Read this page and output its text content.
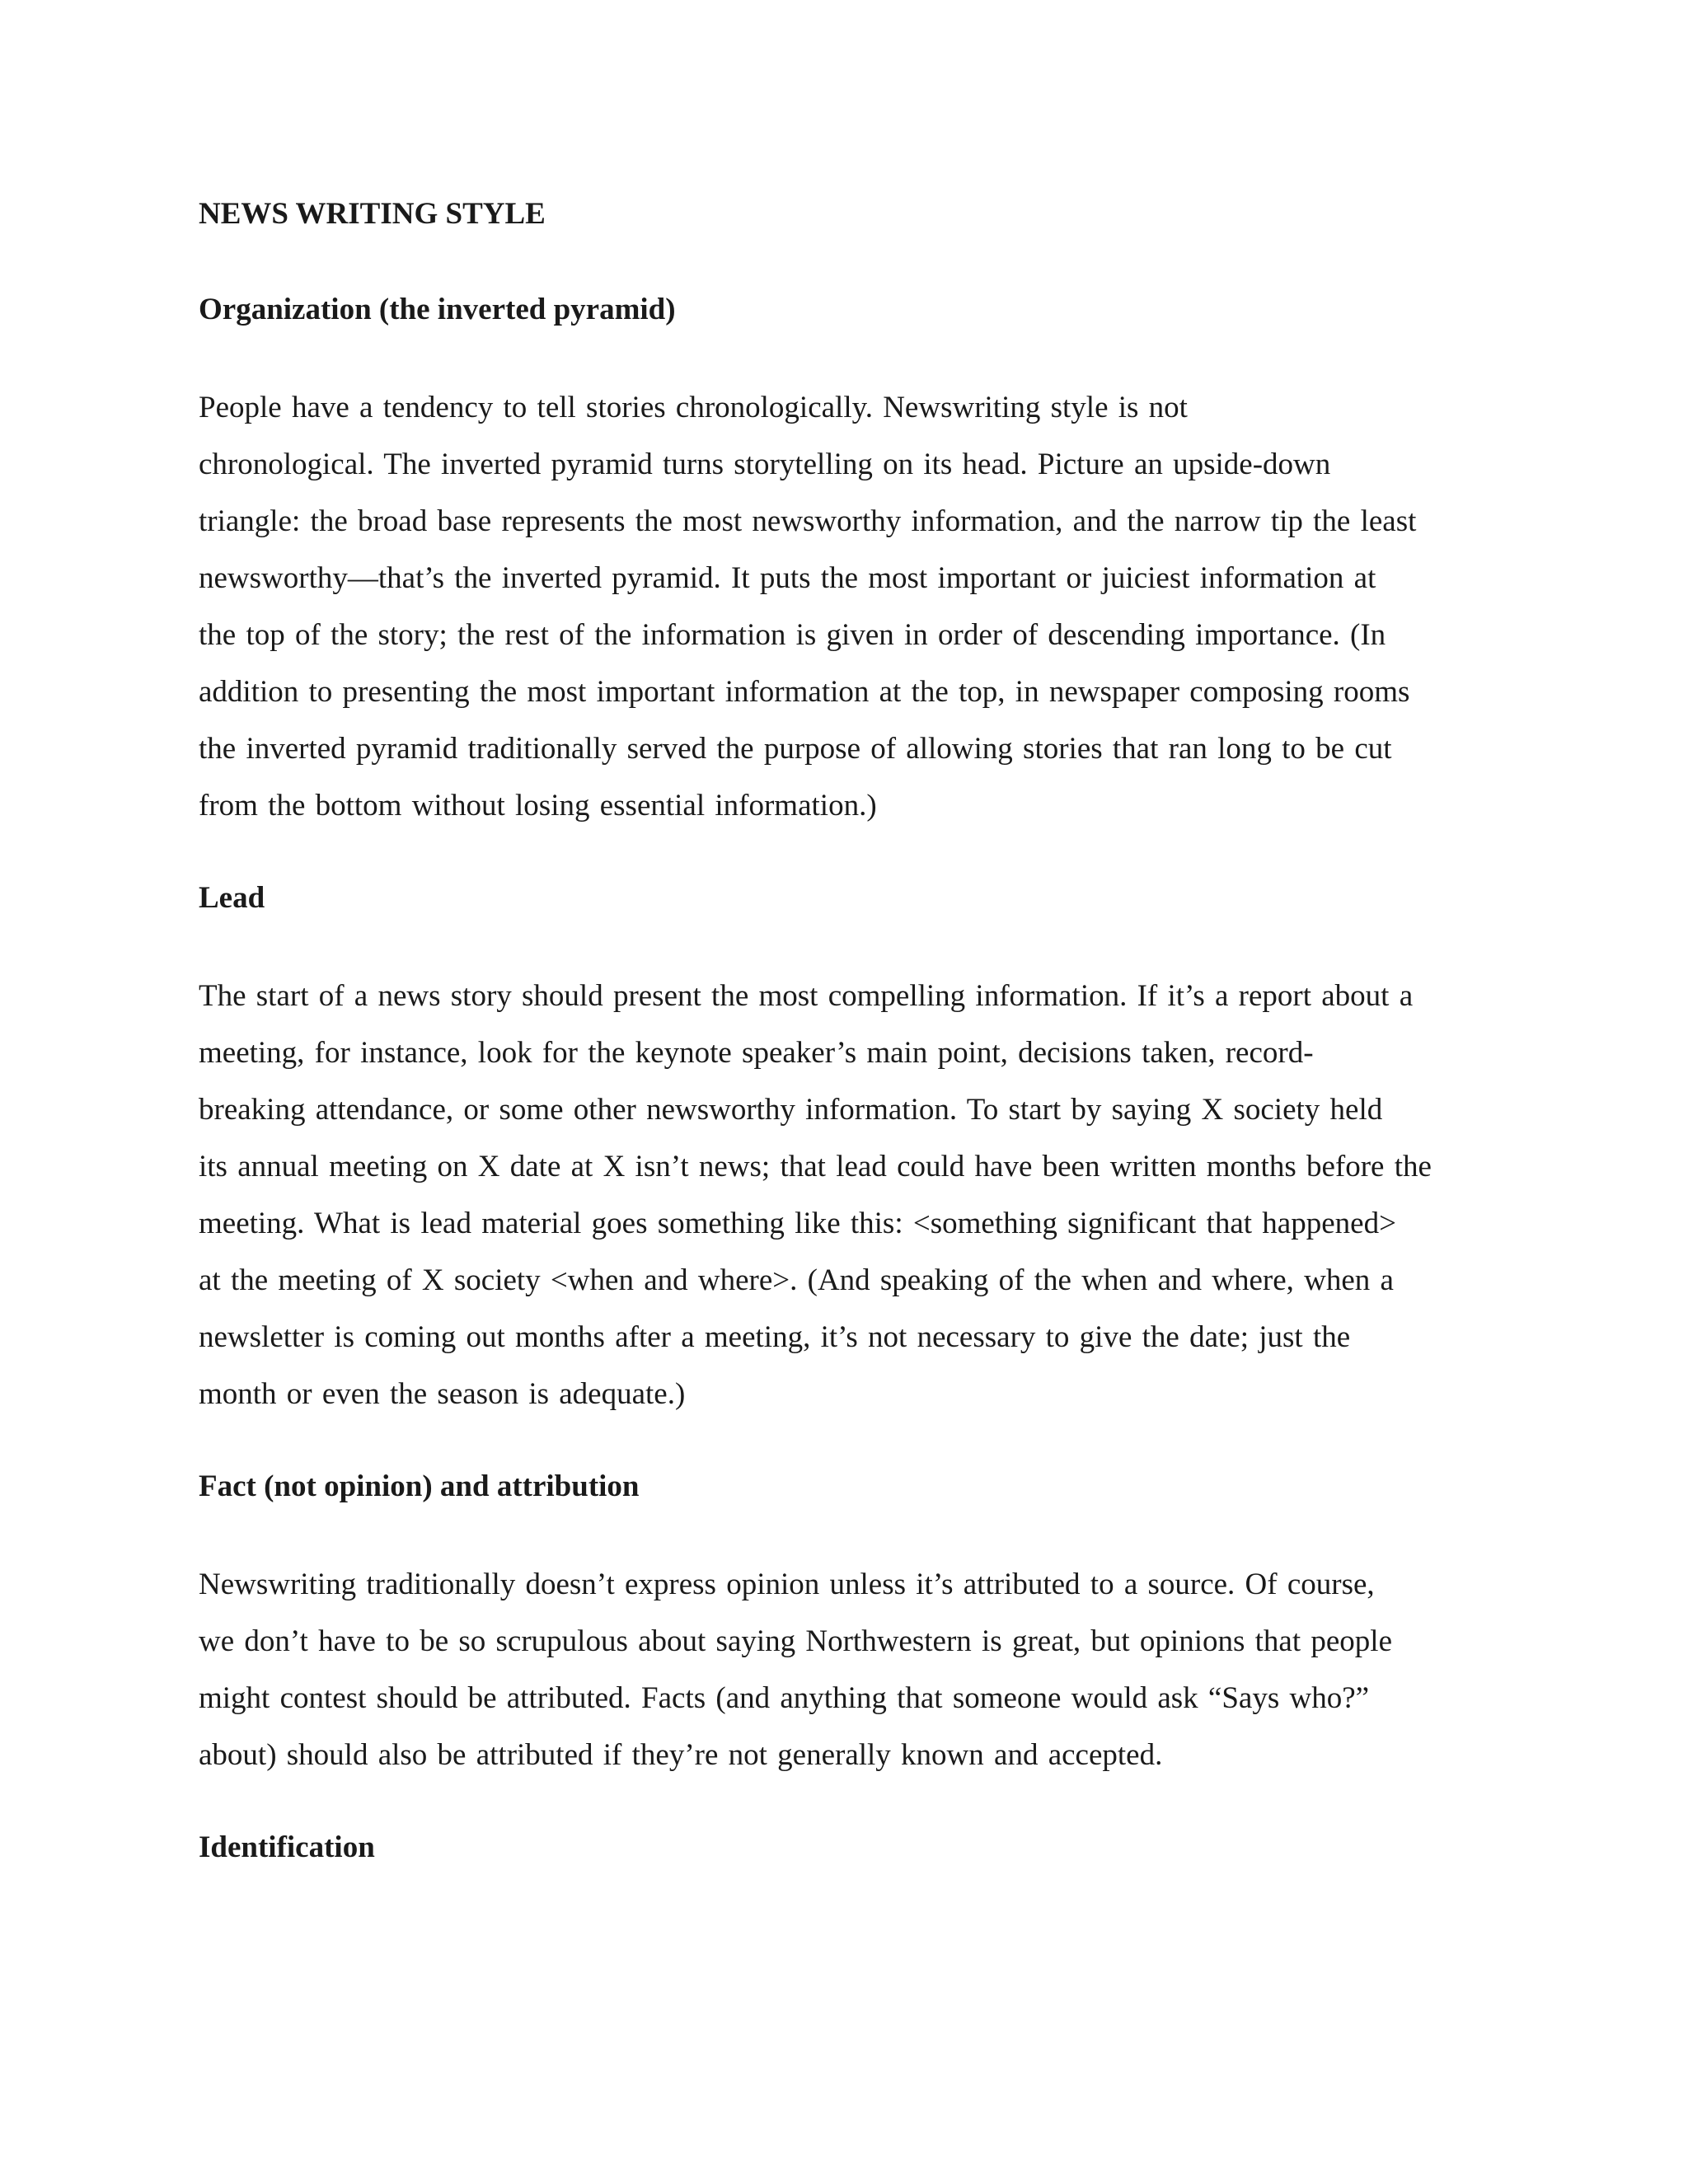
NEWS WRITING STYLE
Organization (the inverted pyramid)
People have a tendency to tell stories chronologically. Newswriting style is not
chronological. The inverted pyramid turns storytelling on its head. Picture an upside-down
triangle: the broad base represents the most newsworthy information, and the narrow tip the least
newsworthy—that’s the inverted pyramid. It puts the most important or juiciest information at
the top of the story; the rest of the information is given in order of descending importance. (In
addition to presenting the most important information at the top, in newspaper composing rooms
the inverted pyramid traditionally served the purpose of allowing stories that ran long to be cut
from the bottom without losing essential information.)
Lead
The start of a news story should present the most compelling information. If it’s a report about a
meeting, for instance, look for the keynote speaker’s main point, decisions taken, record-
breaking attendance, or some other newsworthy information. To start by saying X society held
its annual meeting on X date at X isn’t news; that lead could have been written months before the
meeting. What is lead material goes something like this: <something significant that happened>
at the meeting of X society <when and where>. (And speaking of the when and where, when a
newsletter is coming out months after a meeting, it’s not necessary to give the date; just the
month or even the season is adequate.)
Fact (not opinion) and attribution
Newswriting traditionally doesn’t express opinion unless it’s attributed to a source. Of course,
we don’t have to be so scrupulous about saying Northwestern is great, but opinions that people
might contest should be attributed. Facts (and anything that someone would ask “Says who?”
about) should also be attributed if they’re not generally known and accepted.
Identification
